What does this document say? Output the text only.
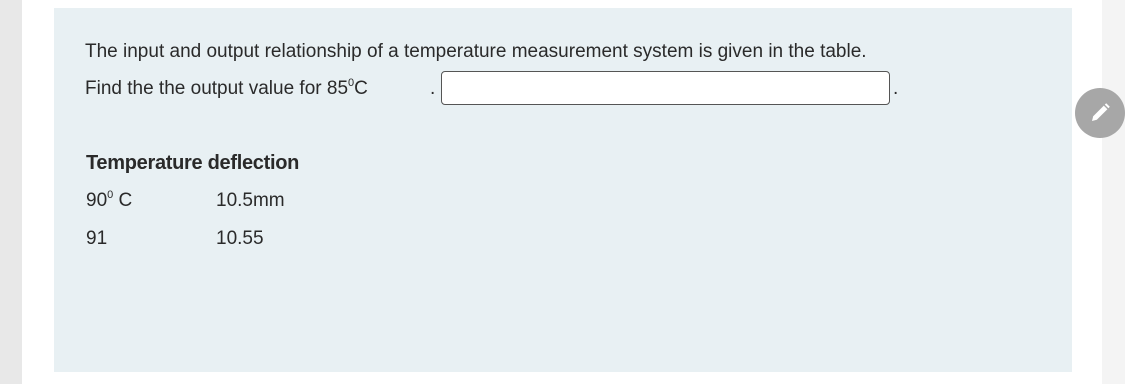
The input and output relationship of a temperature measurement system is given in the table.
Find the the output value for $85^0C$	.	.
Temperature deflection
$90^0$ C	10.5mm
91	10.55
